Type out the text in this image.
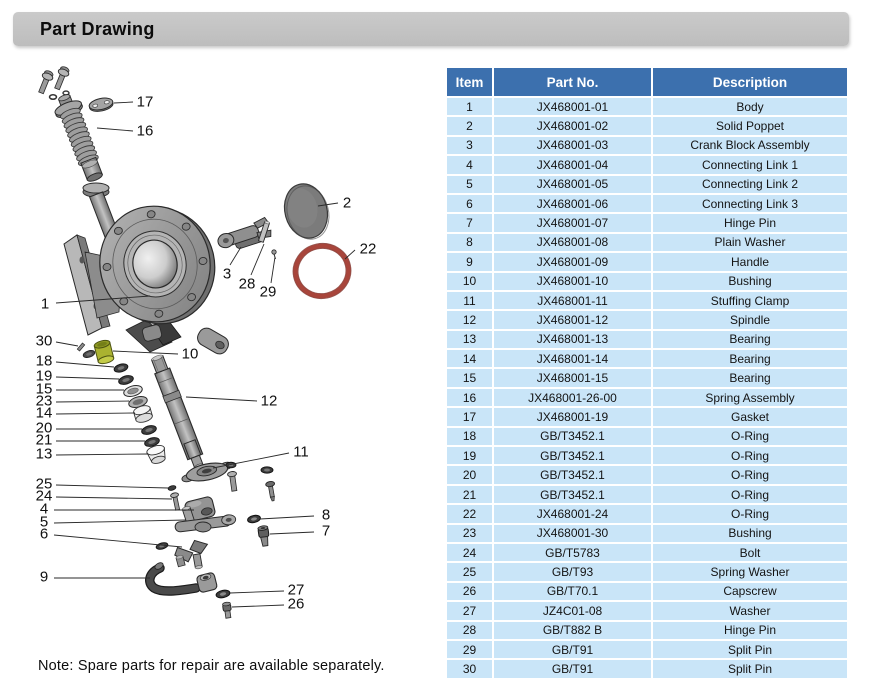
Part Drawing
17
16
2
22
3
28 29
1
30
10
18
19
15
23
14
20
21
13
12
11
25
24
4
5
6
8
7
9
27
26
Item	Part No.	Description
1	JX468001-01	Body
2	JX468001-02	Solid Poppet
3	JX468001-03	Crank Block Assembly
4	JX468001-04	Connecting Link 1
5	JX468001-05	Connecting Link 2
6	JX468001-06	Connecting Link 3
7	JX468001-07	Hinge Pin
8	JX468001-08	Plain Washer
9	JX468001-09	Handle
10	JX468001-10	Bushing
11	JX468001-11	Stuffing Clamp
12	JX468001-12	Spindle
13	JX468001-13	Bearing
14	JX468001-14	Bearing
15	JX468001-15	Bearing
16	JX468001-26-00	Spring Assembly
17	JX468001-19	Gasket
18	GB/T3452.1	O-Ring
19	GB/T3452.1	O-Ring
20	GB/T3452.1	O-Ring
21	GB/T3452.1	O-Ring
22	JX468001-24	O-Ring
23	JX468001-30	Bushing
24	GB/T5783	Bolt
25	GB/T93	Spring Washer
26	GB/T70.1	Capscrew
27	JZ4C01-08	Washer
28	GB/T882 B	Hinge Pin
29	GB/T91	Split Pin
30	GB/T91	Split Pin
Note: Spare parts for repair are available separately.
